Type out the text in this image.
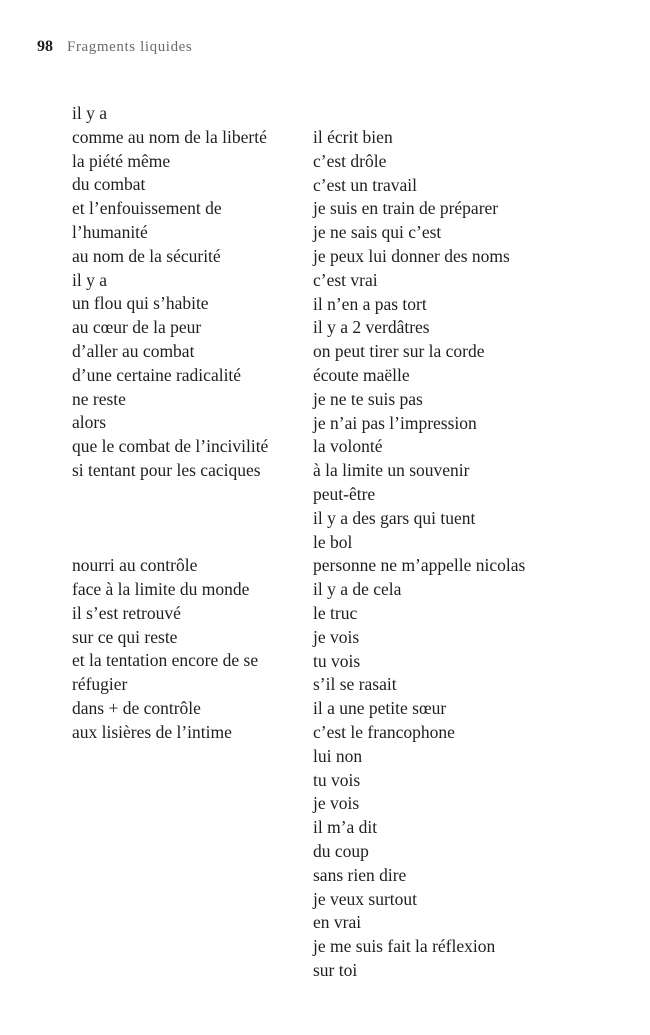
98 Fragments liquides
il y a
comme au nom de la liberté
la piété même
du combat
et l’enfouissement de
l’humanité
au nom de la sécurité
il y a
un flou qui s’habite
au cœur de la peur
d’aller au combat
d’une certaine radicalité
ne reste
alors
que le combat de l’incivilité
si tentant pour les caciques
nourri au contrôle
face à la limite du monde
il s’est retrouvé
sur ce qui reste
et la tentation encore de se
réfugier
dans + de contrôle
aux lisières de l’intime
il écrit bien
c’est drôle
c’est un travail
je suis en train de préparer
je ne sais qui c’est
je peux lui donner des noms
c’est vrai
il n’en a pas tort
il y a 2 verdâtres
on peut tirer sur la corde
écoute maëlle
je ne te suis pas
je n’ai pas l’impression
la volonté
à la limite un souvenir
peut-être
il y a des gars qui tuent
le bol
personne ne m’appelle nicolas
il y a de cela
le truc
je vois
tu vois
s’il se rasait
il a une petite sœur
c’est le francophone
lui non
tu vois
je vois
il m’a dit
du coup
sans rien dire
je veux surtout
en vrai
je me suis fait la réflexion
sur toi
